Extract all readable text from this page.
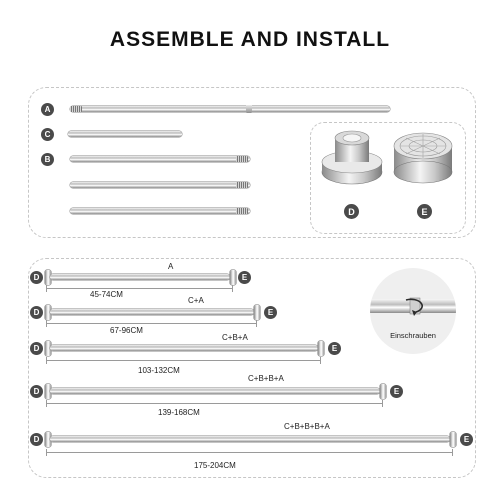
ASSEMBLE AND INSTALL
A
C
B
D	E
D	E
A
45-74CM
D	E
C+A
67-96CM
D	E
C+B+A
103-132CM
D	E
C+B+B+A
139-168CM
D	E
C+B+B+B+A
175-204CM
Einschrauben
